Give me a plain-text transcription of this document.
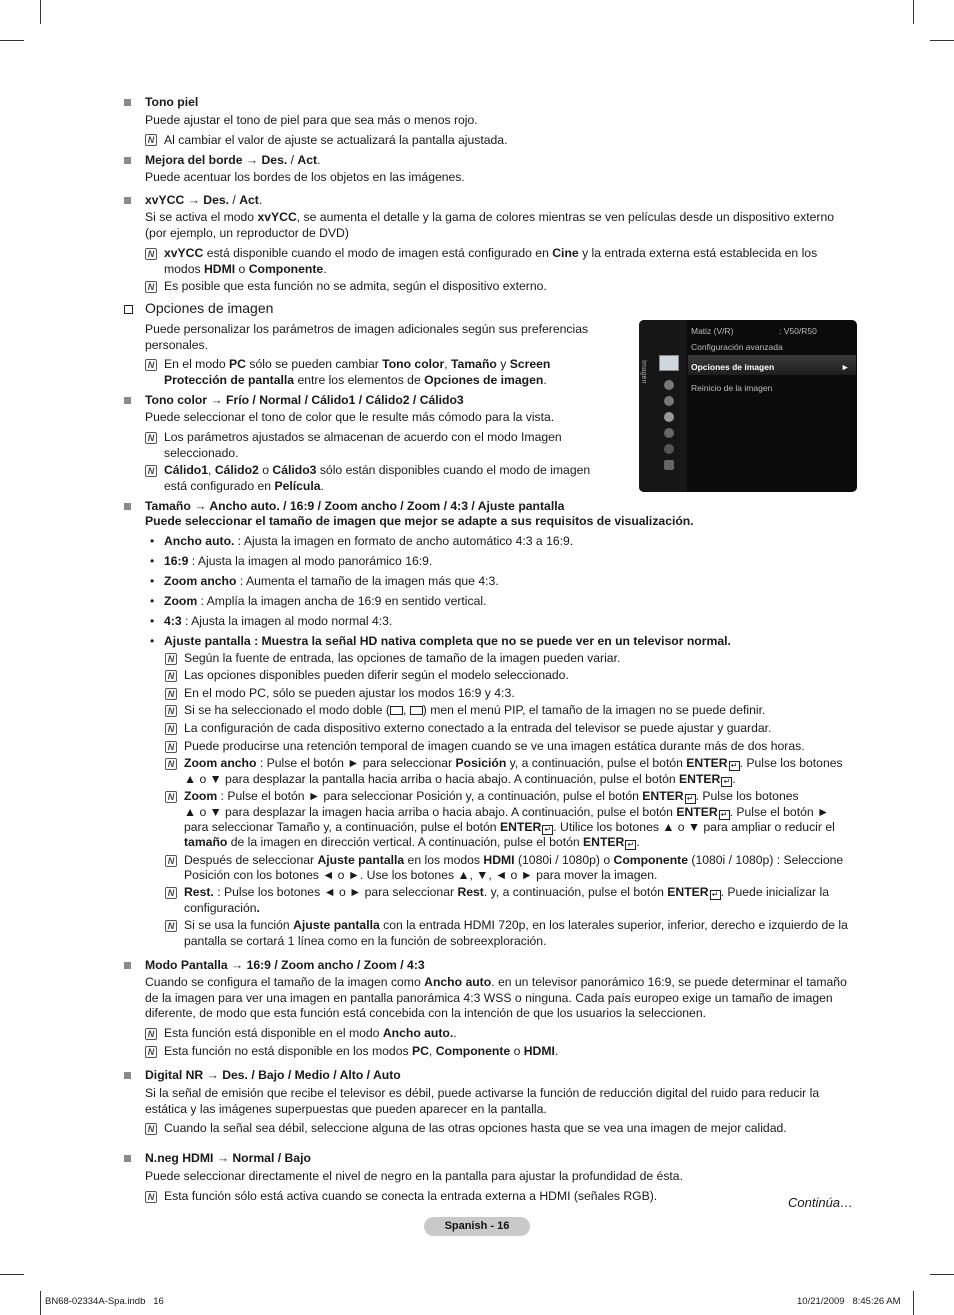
Tono piel
Puede ajustar el tono de piel para que sea más o menos rojo.
N Al cambiar el valor de ajuste se actualizará la pantalla ajustada.
Mejora del borde → Des. / Act.
Puede acentuar los bordes de los objetos en las imágenes.
xvYCC → Des. / Act.
Si se activa el modo xvYCC, se aumenta el detalle y la gama de colores mientras se ven películas desde un dispositivo externo (por ejemplo, un reproductor de DVD)
N xvYCC está disponible cuando el modo de imagen está configurado en Cine y la entrada externa está establecida en los modos HDMI o Componente.
N Es posible que esta función no se admita, según el dispositivo externo.
Opciones de imagen
Puede personalizar los parámetros de imagen adicionales según sus preferencias personales.
N En el modo PC sólo se pueden cambiar Tono color, Tamaño y Screen Protección de pantalla entre los elementos de Opciones de imagen.
Tono color → Frío / Normal / Cálido1 / Cálido2 / Cálido3
Puede seleccionar el tono de color que le resulte más cómodo para la vista.
N Los parámetros ajustados se almacenan de acuerdo con el modo Imagen seleccionado.
N Cálido1, Cálido2 o Cálido3 sólo están disponibles cuando el modo de imagen está configurado en Película.
Imagen
Matiz (V/R)	: V50/R50
Configuración avanzada
Opciones de imagen	►
Reinicio de la imagen
Tamaño → Ancho auto. / 16:9 / Zoom ancho / Zoom / 4:3 / Ajuste pantalla
Puede seleccionar el tamaño de imagen que mejor se adapte a sus requisitos de visualización.
• Ancho auto. : Ajusta la imagen en formato de ancho automático 4:3 a 16:9.
• 16:9 : Ajusta la imagen al modo panorámico 16:9.
• Zoom ancho : Aumenta el tamaño de la imagen más que 4:3.
• Zoom : Amplía la imagen ancha de 16:9 en sentido vertical.
• 4:3 : Ajusta la imagen al modo normal 4:3.
• Ajuste pantalla : Muestra la señal HD nativa completa que no se puede ver en un televisor normal.
N Según la fuente de entrada, las opciones de tamaño de la imagen pueden variar.
N Las opciones disponibles pueden diferir según el modelo seleccionado.
N En el modo PC, sólo se pueden ajustar los modos 16:9 y 4:3.
N La configuración de cada dispositivo externo conectado a la entrada del televisor se puede ajustar y guardar.
N Puede producirse una retención temporal de imagen cuando se ve una imagen estática durante más de dos horas.
N Si se ha seleccionado el modo doble ( , ) men el menú PIP, el tamaño de la imagen no se puede definir.
N Zoom ancho : Pulse el botón ► para seleccionar Posición y, a continuación, pulse el botón ENTER ↵ . Pulse los botones
▲ o ▼ para desplazar la pantalla hacia arriba o hacia abajo. A continuación, pulse el botón ENTER ↵ .
N Zoom : Pulse el botón ► para seleccionar Posición y, a continuación, pulse el botón ENTER ↵ . Pulse los botones
▲ o ▼ para desplazar la imagen hacia arriba o hacia abajo. A continuación, pulse el botón ENTER ↵ . Pulse el botón ►
para seleccionar Tamaño y, a continuación, pulse el botón ENTER ↵ . Utilice los botones ▲ o ▼ para ampliar o reducir el
tamaño de la imagen en dirección vertical. A continuación, pulse el botón ENTER ↵ .
N Después de seleccionar Ajuste pantalla en los modos HDMI (1080i / 1080p) o Componente (1080i / 1080p) : Seleccione
Posición con los botones ◄ o ►. Use los botones ▲, ▼, ◄ o ► para mover la imagen.
N Rest. : Pulse los botones ◄ o ► para seleccionar Rest. y, a continuación, pulse el botón ENTER ↵ . Puede inicializar la
configuración.
N Si se usa la función Ajuste pantalla con la entrada HDMI 720p, en los laterales superior, inferior, derecho e izquierdo de la
pantalla se cortará 1 línea como en la función de sobreexploración.
Modo Pantalla → 16:9 / Zoom ancho / Zoom / 4:3
Cuando se configura el tamaño de la imagen como Ancho auto. en un televisor panorámico 16:9, se puede determinar el tamaño
de la imagen para ver una imagen en pantalla panorámica 4:3 WSS o ninguna. Cada país europeo exige un tamaño de imagen
diferente, de modo que esta función está concebida con la intención de que los usuarios la seleccionen.
N Esta función está disponible en el modo Ancho auto..
N Esta función no está disponible en los modos PC, Componente o HDMI.
Digital NR → Des. / Bajo / Medio / Alto / Auto
Si la señal de emisión que recibe el televisor es débil, puede activarse la función de reducción digital del ruido para reducir la estática y las imágenes superpuestas que pueden aparecer en la pantalla.
N Cuando la señal sea débil, seleccione alguna de las otras opciones hasta que se vea una imagen de mejor calidad.
N.neg HDMI → Normal / Bajo
Puede seleccionar directamente el nivel de negro en la pantalla para ajustar la profundidad de ésta.
N Esta función sólo está activa cuando se conecta la entrada externa a HDMI (señales RGB).	Continúa…
Spanish - 16
BN68-02334A-Spa.indb   16	10/21/2009   8:45:26 AM
